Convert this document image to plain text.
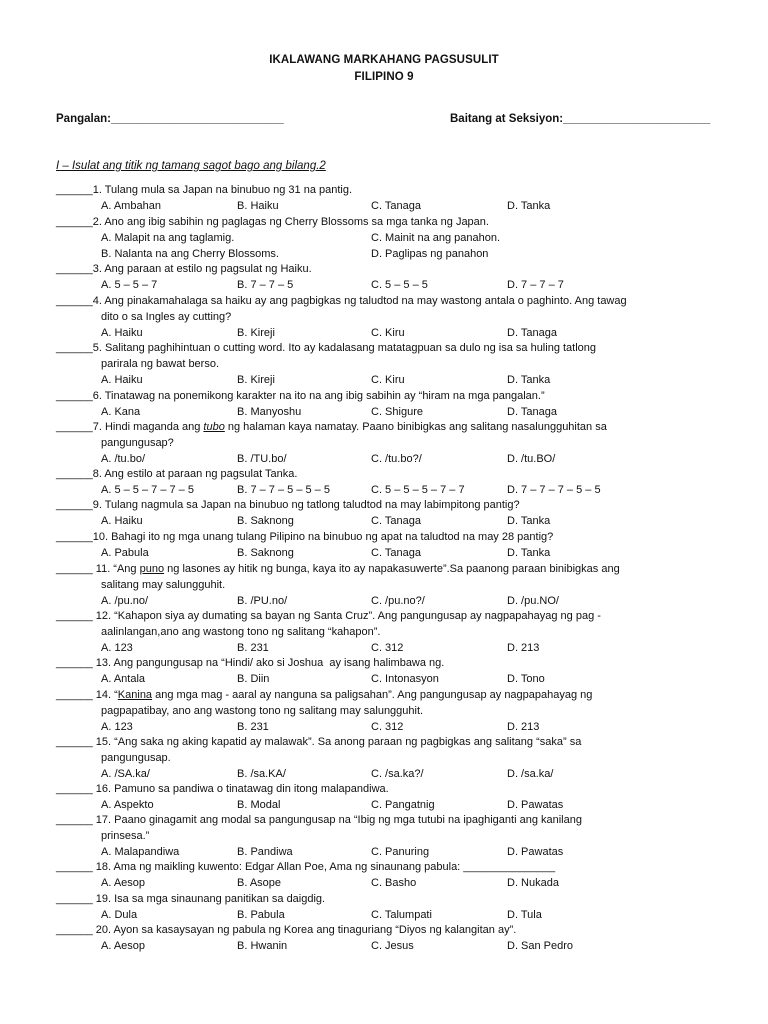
IKALAWANG MARKAHANG PAGSUSULIT
FILIPINO 9
Pangalan:___________________________	Baitang at Seksiyon:_______________________
I – Isulat ang titik ng tamang sagot bago ang bilang.2
______1. Tulang mula sa Japan na binubuo ng 31 na pantig.
A. Ambahan	B. Haiku	C. Tanaga	D. Tanka
______2. Ano ang ibig sabihin ng paglagas ng Cherry Blossoms sa mga tanka ng Japan.
A. Malapit na ang taglamig.	C. Mainit na ang panahon.
B. Nalanta na ang Cherry Blossoms.	D. Paglipas ng panahon
______3. Ang paraan at estilo ng pagsulat ng Haiku.
A. 5 – 5 – 7	B. 7 – 7 – 5	C. 5 – 5 – 5	D. 7 – 7 – 7
______4. Ang pinakamahalaga sa haiku ay ang pagbigkas ng taludtod na may wastong antala o paghinto. Ang tawag
dito o sa Ingles ay cutting?
A. Haiku	B. Kireji	C. Kiru	D. Tanaga
______5. Salitang paghihintuan o cutting word. Ito ay kadalasang matatagpuan sa dulo ng isa sa huling tatlong
parirala ng bawat berso.
A. Haiku	B. Kireji	C. Kiru	D. Tanka
______6. Tinatawag na ponemikong karakter na ito na ang ibig sabihin ay “hiram na mga pangalan.”
A. Kana	B. Manyoshu	C. Shigure	D. Tanaga
______7. Hindi maganda ang tubo ng halaman kaya namatay. Paano binibigkas ang salitang nasalungguhitan sa
pangungusap?
A. /tu.bo/	B. /TU.bo/	C. /tu.bo?/	D. /tu.BO/
______8. Ang estilo at paraan ng pagsulat Tanka.
A. 5 – 5 – 7 – 7 – 5	B. 7 – 7 – 5 – 5 – 5	C. 5 – 5 – 5 – 7 – 7	D. 7 – 7 – 7 – 5 – 5
______9. Tulang nagmula sa Japan na binubuo ng tatlong taludtod na may labimpitong pantig?
A. Haiku	B. Saknong	C. Tanaga	D. Tanka
______10. Bahagi ito ng mga unang tulang Pilipino na binubuo ng apat na taludtod na may 28 pantig?
A. Pabula	B. Saknong	C. Tanaga	D. Tanka
______ 11. “Ang puno ng lasones ay hitik ng bunga, kaya ito ay napakasuwerte”.Sa paanong paraan binibigkas ang
salitang may salungguhit.
A. /pu.no/	B. /PU.no/	C. /pu.no?/	D. /pu.NO/
______ 12. “Kahapon siya ay dumating sa bayan ng Santa Cruz”. Ang pangungusap ay nagpapahayag ng pag -
aalinlangan,ano ang wastong tono ng salitang “kahapon”.
A. 123	B. 231	C. 312	D. 213
______ 13. Ang pangungusap na “Hindi/ ako si Joshua  ay isang halimbawa ng.
A. Antala	B. Diin	C. Intonasyon	D. Tono
______ 14. “Kanina ang mga mag - aaral ay nanguna sa paligsahan”. Ang pangungusap ay nagpapahayag ng
pagpapatibay, ano ang wastong tono ng salitang may salungguhit.
A. 123	B. 231	C. 312	D. 213
______ 15. “Ang saka ng aking kapatid ay malawak”. Sa anong paraan ng pagbigkas ang salitang “saka” sa
pangungusap.
A. /SA.ka/	B. /sa.KA/	C. /sa.ka?/	D. /sa.ka/
______ 16. Pamuno sa pandiwa o tinatawag din itong malapandiwa.
A. Aspekto	B. Modal	C. Pangatnig	D. Pawatas
______ 17. Paano ginagamit ang modal sa pangungusap na “Ibig ng mga tutubi na ipaghiganti ang kanilang
prinsesa.”
A. Malapandiwa	B. Pandiwa	C. Panuring	D. Pawatas
______ 18. Ama ng maikling kuwento: Edgar Allan Poe, Ama ng sinaunang pabula: _______________
A. Aesop	B. Asope	C. Basho	D. Nukada
______ 19. Isa sa mga sinaunang panitikan sa daigdig.
A. Dula	B. Pabula	C. Talumpati	D. Tula
______ 20. Ayon sa kasaysayan ng pabula ng Korea ang tinaguriang “Diyos ng kalangitan ay”.
A. Aesop	B. Hwanin	C. Jesus	D. San Pedro
